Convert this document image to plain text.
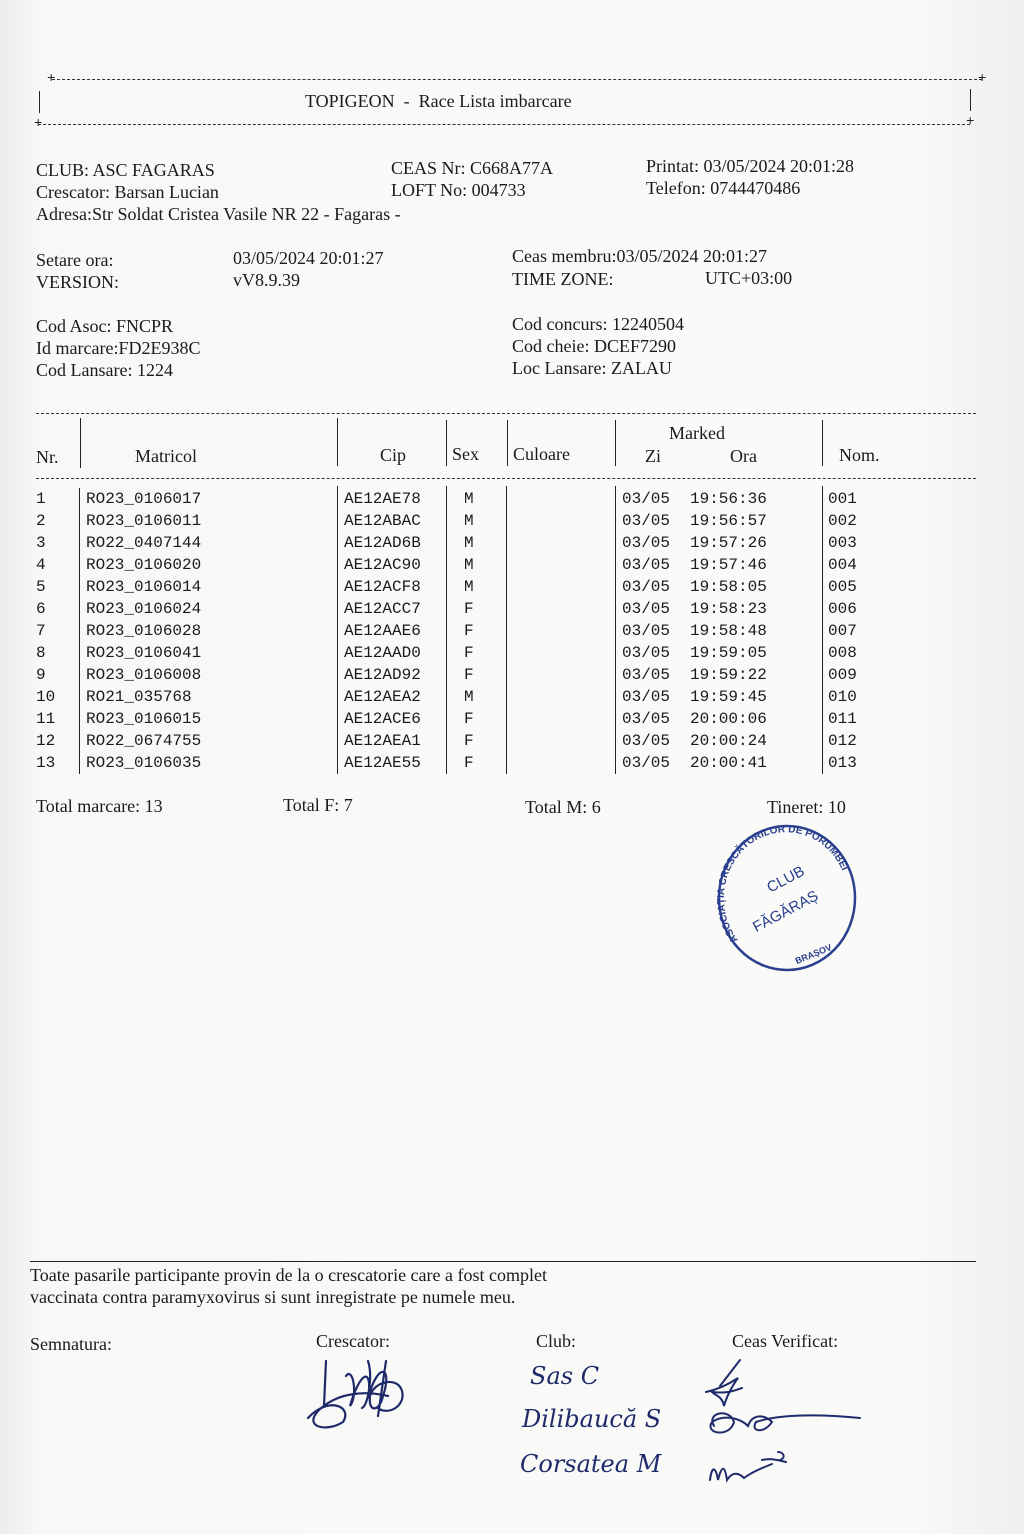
+	+
+	+
TOPIGEON  -  Race Lista imbarcare
CLUB: ASC FAGARAS	CEAS Nr: C668A77A	Printat: 03/05/2024 20:01:28
Crescator: Barsan Lucian	LOFT No: 004733	Telefon: 0744470486
Adresa:Str Soldat Cristea Vasile NR 22 - Fagaras -
Setare ora:	03/05/2024 20:01:27
VERSION:	vV8.9.39
Ceas membru:03/05/2024 20:01:27
TIME ZONE:	UTC+03:00
Cod Asoc: FNCPR
Id marcare:FD2E938C
Cod Lansare: 1224
Cod concurs: 12240504
Cod cheie: DCEF7290
Loc Lansare: ZALAU
Nr.	Matricol	Cip	Sex Culoare
Marked
Zi	Ora	Nom.
1	RO23_0106017	AE12AE78	M	03/05 19:56:36	001
2	RO23_0106011	AE12ABAC	M	03/05 19:56:57	002
3	RO22_0407144	AE12AD6B	M	03/05 19:57:26	003
4	RO23_0106020	AE12AC90	M	03/05 19:57:46	004
5	RO23_0106014	AE12ACF8	M	03/05 19:58:05	005
6	RO23_0106024	AE12ACC7	F	03/05 19:58:23	006
7	RO23_0106028	AE12AAE6	F	03/05 19:58:48	007
8	RO23_0106041	AE12AAD0	F	03/05 19:59:05	008
9	RO23_0106008	AE12AD92	F	03/05 19:59:22	009
10 RO21_035768	AE12AEA2	M	03/05 19:59:45	010
11 RO23_0106015	AE12ACE6	F	03/05 20:00:06	011
12 RO22_0674755	AE12AEA1	F	03/05 20:00:24	012
13 RO23_0106035	AE12AE55	F	03/05 20:00:41	013
Total marcare: 13	Total F: 7	Total M: 6	Tineret: 10
ASOCIAȚIA CRESCĂTORILOR DE PORUMBEI
CLUB
FĂGĂRAȘ
BRAȘOV
Toate pasarile participante provin de la o crescatorie care a fost complet
vaccinata contra paramyxovirus si sunt inregistrate pe numele meu.
Semnatura:	Crescator:	Club:	Ceas Verificat:
Sas C
Dilibaucă S
Corsatea M
